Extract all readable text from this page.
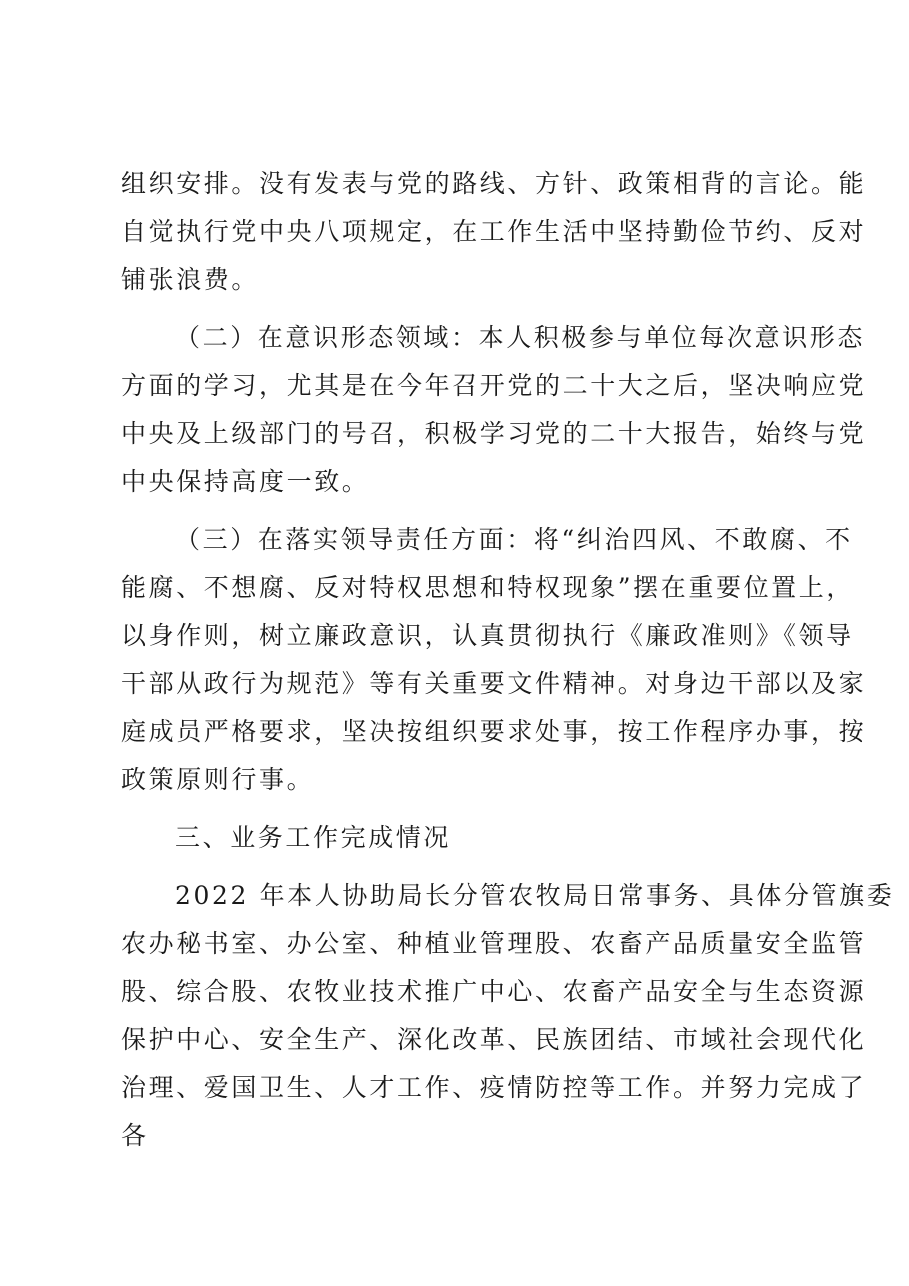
组织安排。没有发表与党的路线、方针、政策相背的言论。能
自觉执行党中央八项规定，在工作生活中坚持勤俭节约、反对
铺张浪费。
（二）在意识形态领域：本人积极参与单位每次意识形态
方面的学习，尤其是在今年召开党的二十大之后，坚决响应党
中央及上级部门的号召，积极学习党的二十大报告，始终与党
中央保持高度一致。
（三）在落实领导责任方面：将“纠治四风、不敢腐、不
能腐、不想腐、反对特权思想和特权现象”摆在重要位置上，
以身作则，树立廉政意识，认真贯彻执行《廉政准则》《领导
干部从政行为规范》等有关重要文件精神。对身边干部以及家
庭成员严格要求，坚决按组织要求处事，按工作程序办事，按
政策原则行事。
三、业务工作完成情况
2022 年本人协助局长分管农牧局日常事务、具体分管旗委
农办秘书室、办公室、种植业管理股、农畜产品质量安全监管
股、综合股、农牧业技术推广中心、农畜产品安全与生态资源
保护中心、安全生产、深化改革、民族团结、市域社会现代化
治理、爱国卫生、人才工作、疫情防控等工作。并努力完成了
各
